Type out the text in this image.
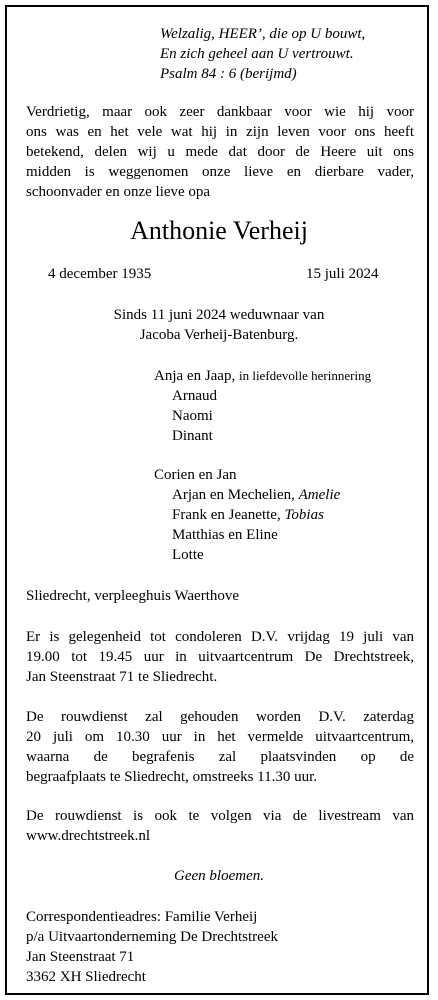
Welzalig, HEER’, die op U bouwt,
En zich geheel aan U vertrouwt.
Psalm 84 : 6 (berijmd)
Verdrietig, maar ook zeer dankbaar voor wie hij voor
ons was en het vele wat hij in zijn leven voor ons heeft
betekend, delen wij u mede dat door de Heere uit ons
midden is weggenomen onze lieve en dierbare vader,
schoonvader en onze lieve opa
Anthonie Verheij
4 december 1935	15 juli 2024
Sinds 11 juni 2024 weduwnaar van
Jacoba Verheij-Batenburg.
Anja en Jaap, in liefdevolle herinnering
Arnaud
Naomi
Dinant
Corien en Jan
Arjan en Mechelien, Amelie
Frank en Jeanette, Tobias
Matthias en Eline
Lotte
Sliedrecht, verpleeghuis Waerthove
Er is gelegenheid tot condoleren D.V. vrijdag 19 juli van
19.00 tot 19.45 uur in uitvaartcentrum De Drechtstreek,
Jan Steenstraat 71 te Sliedrecht.
De rouwdienst zal gehouden worden D.V. zaterdag
20 juli om 10.30 uur in het vermelde uitvaartcentrum,
waarna de begrafenis zal plaatsvinden op de
begraafplaats te Sliedrecht, omstreeks 11.30 uur.
De rouwdienst is ook te volgen via de livestream van
www.drechtstreek.nl
Geen bloemen.
Correspondentieadres: Familie Verheij
p/a Uitvaartonderneming De Drechtstreek
Jan Steenstraat 71
3362 XH Sliedrecht
